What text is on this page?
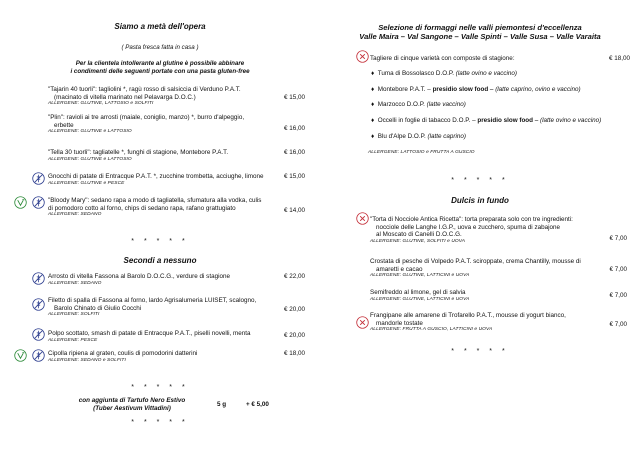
Siamo a metà dell'opera
( Pasta fresca fatta in casa )
Per la clientela intollerante al glutine è possibile abbinare
i condimenti delle seguenti portate con una pasta gluten-free
"Tajarin 40 tuorli": tagliolini *, ragù rosso di salsiccia di Verduno P.A.T.
(macinato di vitella marinato nel Pelavarga D.O.C.)
ALLERGENE: GLUTINE, LATTOSIO e SOLFITI
€ 15,00
"Plin": ravioli ai tre arrosti (maiale, coniglio, manzo) *, burro d'alpeggio,
erbette
ALLERGENE: GLUTINE e LATTOSIO	€ 16,00
"Tella 30 tuorli": tagliatelle *, funghi di stagione, Montebore P.A.T.
ALLERGENE: GLUTINE e LATTOSIO
€ 16,00
Gnocchi di patate di Entracque P.A.T. *, zucchine trombetta, acciughe, limone
ALLERGENE: GLUTINE e PESCE
€ 15,00
"Bloody Mary": sedano rapa a modo di tagliatella, sfumatura alla vodka, culis
di pomodoro cotto al forno, chips di sedano rapa, rafano grattugiato
ALLERGENE: SEDANO
€ 14,00
* * * * *
Secondi a nessuno
Arrosto di vitella Fassona al Barolo D.O.C.G., verdure di stagione
ALLERGENE: SEDANO
€ 22,00
Filetto di spalla di Fassona al forno, lardo Agrisalumeria LUISET, scalogno,
Barolo Chinato di Giulio Cocchi
ALLERGENE: SOLFITI
€ 20,00
Polpo scottato, smash di patate di Entracque P.A.T., piselli novelli, menta
ALLERGENE: PESCE
€ 20,00
Cipolla ripiena al graten, coulis di pomodorini datterini
ALLERGENE: SEDANO e SOLFITI
€ 18,00
* * * * *
con aggiunta di Tartufo Nero Estivo
(Tuber Aestivum Vittadini)	5 g	+ € 5,00
* * * * *
Selezione di formaggi nelle valli piemontesi d'eccellenza
Valle Maira – Val Sangone – Valle Spinti – Valle Susa – Valle Varaita
Tagliere di cinque varietà con composte di stagione:	€ 18,00
♦  Tuma di Bossolasco D.O.P. (latte ovino e vaccino)
♦  Montebore P.A.T. – presidio slow food – (latte caprino, ovino e vaccino)
♦  Marzocco D.O.P. (latte vaccino)
♦  Occelli in foglie di tabacco D.O.P. – presidio slow food – (latte ovino e vaccino)
♦  Blu d'Alpe D.O.P. (latte caprino)
ALLERGENE: LATTOSIO e FRUTTA A GUSCIO
* * * * *
Dulcis in fundo
"Torta di Nocciole Antica Ricetta": torta preparata solo con tre ingredienti:
nocciole delle Langhe I.G.P., uova e zucchero, spuma di zabajone
al Moscato di Canelli D.O.C.G.
ALLERGENE: GLUTINE, SOLFITI e UOVA	€ 7,00
Crostata di pesche di Volpedo P.A.T. sciroppate, crema Chantilly, mousse di
amaretti e cacao
ALLERGENE: GLUTINE, LATTICINI e UOVA
€ 7,00
Semifreddo al limone, gel di salvia
ALLERGENE: GLUTINE, LATTICINI e UOVA
€ 7,00
Frangipane alle amarene di Trofarello P.A.T., mousse di yogurt bianco,
mandorle tostate
ALLERGENE: FRUTTA A GUSCIO, LATTICINI e UOVA
€ 7,00
* * * * *
